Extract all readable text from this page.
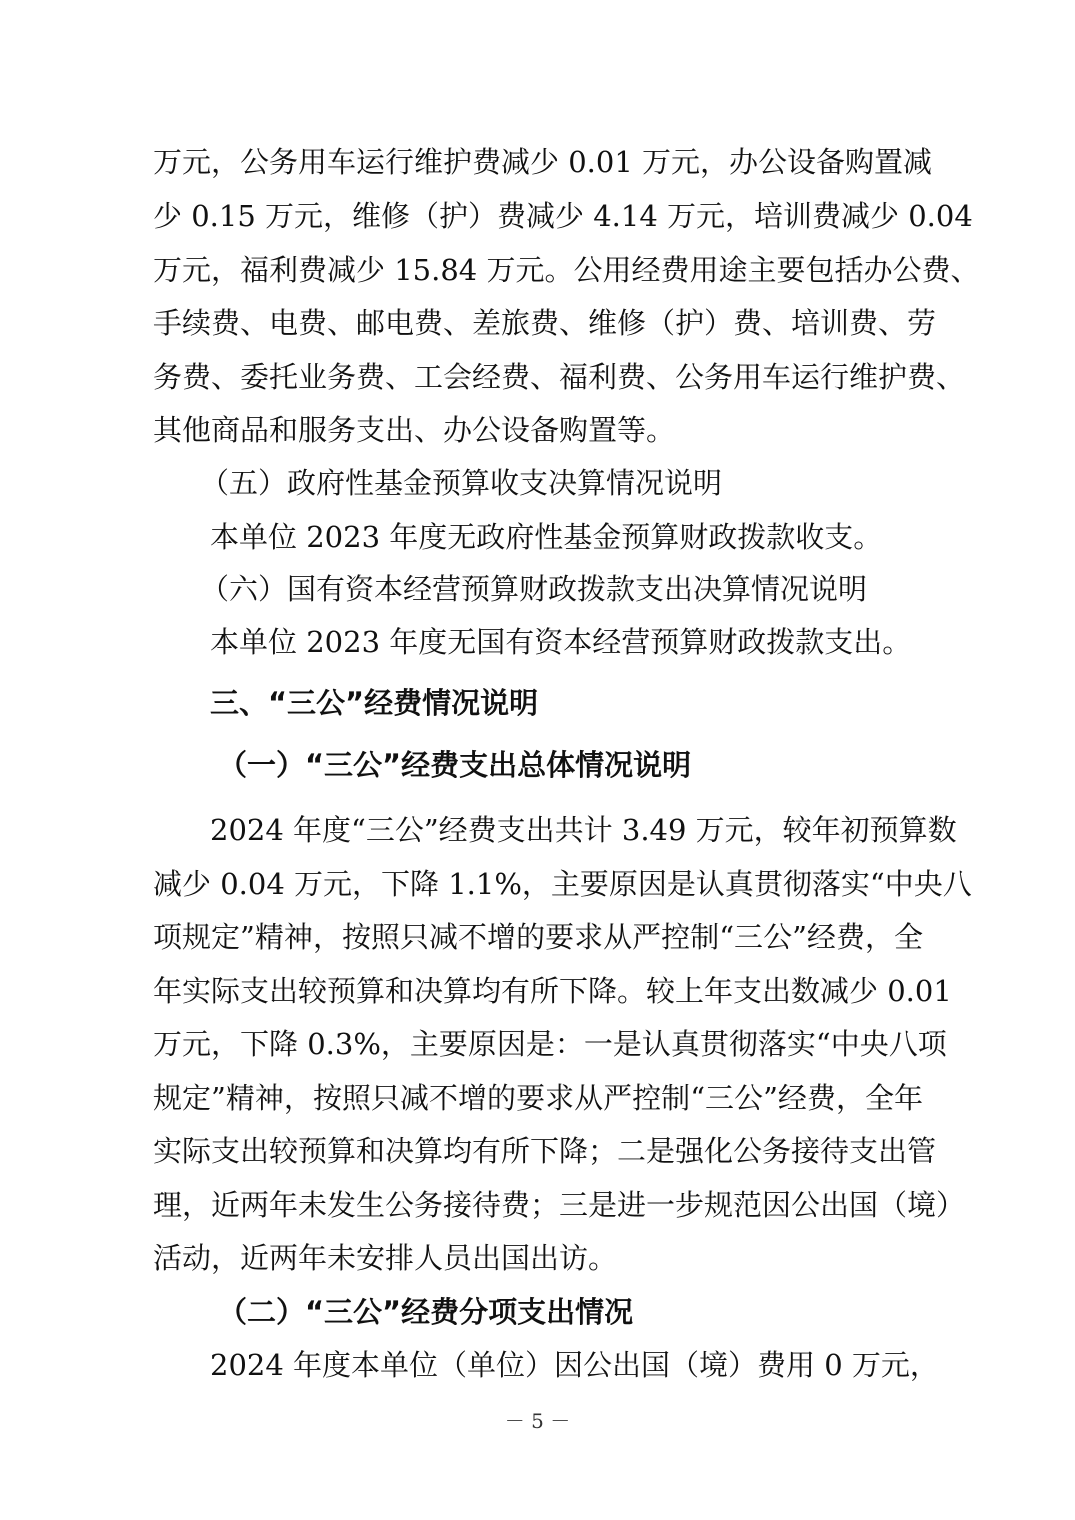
万元，公务用车运行维护费减少 0.01 万元，办公设备购置减
少 0.15 万元，维修（护）费减少 4.14 万元，培训费减少 0.04
万元，福利费减少 15.84 万元。公用经费用途主要包括办公费、
手续费、电费、邮电费、差旅费、维修（护）费、培训费、劳
务费、委托业务费、工会经费、福利费、公务用车运行维护费、
其他商品和服务支出、办公设备购置等。
（五）政府性基金预算收支决算情况说明
本单位 2023 年度无政府性基金预算财政拨款收支。
（六）国有资本经营预算财政拨款支出决算情况说明
本单位 2023 年度无国有资本经营预算财政拨款支出。
三、“三公”经费情况说明
（一）“三公”经费支出总体情况说明
2024 年度“三公”经费支出共计 3.49 万元，较年初预算数
减少 0.04 万元，下降 1.1%，主要原因是认真贯彻落实“中央八
项规定”精神，按照只减不增的要求从严控制“三公”经费，全
年实际支出较预算和决算均有所下降。较上年支出数减少 0.01
万元，下降 0.3%，主要原因是：一是认真贯彻落实“中央八项
规定”精神，按照只减不增的要求从严控制“三公”经费，全年
实际支出较预算和决算均有所下降；二是强化公务接待支出管
理，近两年未发生公务接待费；三是进一步规范因公出国（境）
活动，近两年未安排人员出国出访。
（二）“三公”经费分项支出情况
2024 年度本单位（单位）因公出国（境）费用 0 万元，
－ 5 －
